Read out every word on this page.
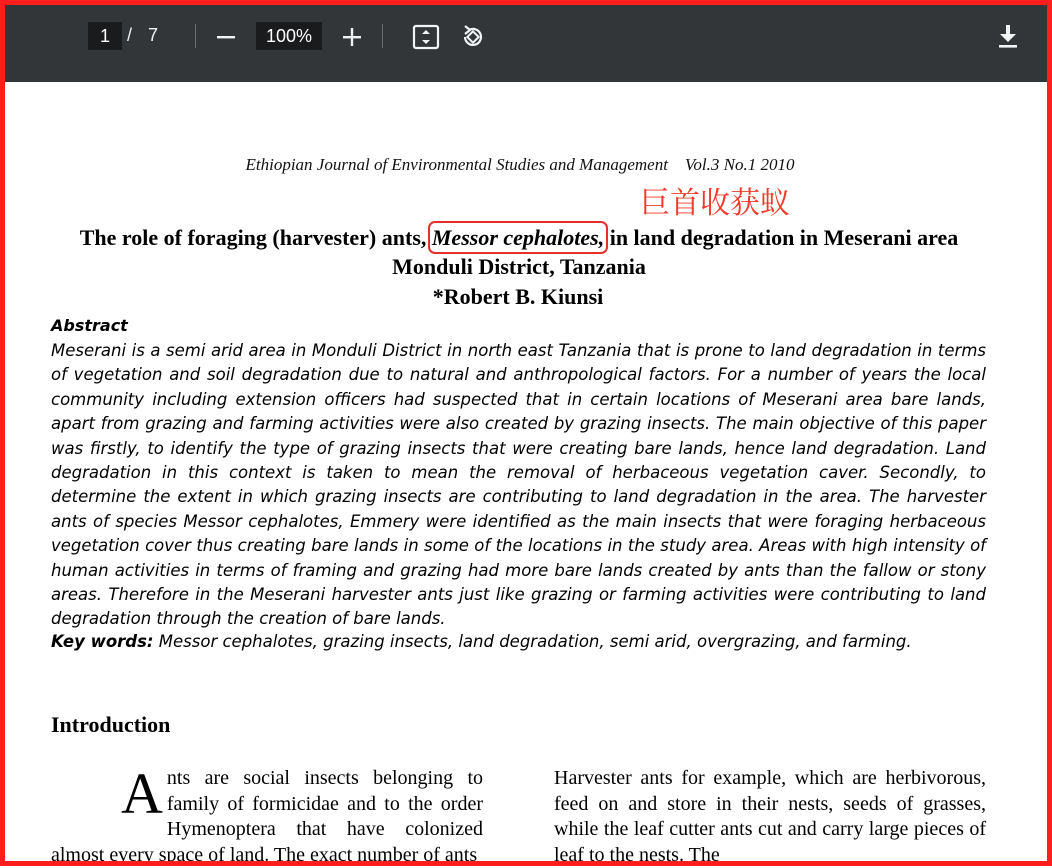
1 / 7	100%
Ethiopian Journal of Environmental Studies and Management    Vol.3 No.1 2010
巨首收获蚁
The role of foraging (harvester) ants, Messor cephalotes, in land degradation in Meserani area Monduli District, Tanzania
*Robert B. Kiunsi
Abstract
Meserani is a semi arid area in Monduli District in north east Tanzania that is prone to land degradation in terms of vegetation and soil degradation due to natural and anthropological factors. For a number of years the local community including extension officers had suspected that in certain locations of Meserani area bare lands, apart from grazing and farming activities were also created by grazing insects. The main objective of this paper was firstly, to identify the type of grazing insects that were creating bare lands, hence land degradation. Land degradation in this context is taken to mean the removal of herbaceous vegetation caver. Secondly, to determine the extent in which grazing insects are contributing to land degradation in the area. The harvester ants of species Messor cephalotes, Emmery were identified as the main insects that were foraging herbaceous vegetation cover thus creating bare lands in some of the locations in the study area. Areas with high intensity of human activities in terms of framing and grazing had more bare lands created by ants than the fallow or stony areas. Therefore in the Meserani harvester ants just like grazing or farming activities were contributing to land degradation through the creation of bare lands.
Key words: Messor cephalotes, grazing insects, land degradation, semi arid, overgrazing, and farming.
Introduction
Ants are social insects belonging to family of formicidae and to the order Hymenoptera that have colonized almost every space of land. The exact number of ants
Harvester ants for example, which are herbivorous, feed on and store in their nests, seeds of grasses, while the leaf cutter ants cut and carry large pieces of leaf to the nests. The
